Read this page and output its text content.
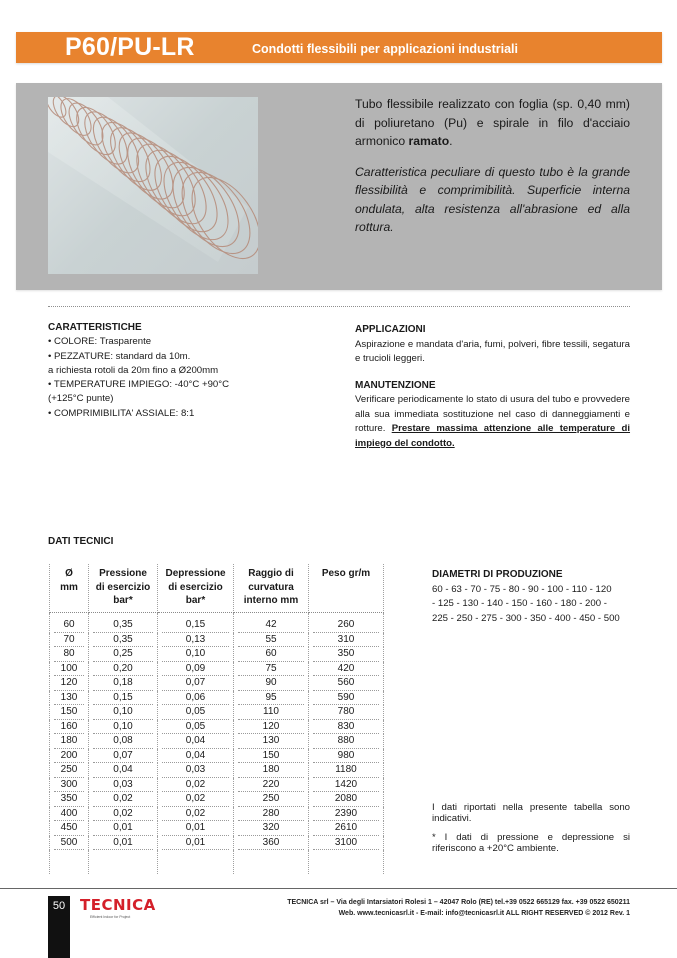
P60/PU-LR	Condotti flessibili per applicazioni industriali

Tubo flessibile realizzato con foglia (sp. 0,40 mm) di poliuretano (Pu) e spirale in filo d'acciaio armonico ramato.

Caratteristica peculiare di questo tubo è la grande flessibilità e comprimibilità. Superficie interna ondulata, alta resistenza all'abrasione ed alla rottura.

CARATTERISTICHE
• COLORE: Trasparente
• PEZZATURE: standard da 10m.
a richiesta rotoli da 20m fino a Ø200mm
• TEMPERATURE IMPIEGO: -40°C +90°C
(+125°C punte)
• COMPRIMIBILITA' ASSIALE: 8:1
APPLICAZIONI

Aspirazione e mandata d'aria, fumi, polveri, fibre tessili, segatura e trucioli leggeri.

MANUTENZIONE

Verificare periodicamente lo stato di usura del tubo e provvedere alla sua immediata sostituzione nel caso di danneggiamenti e rotture. Prestare massima attenzione alle temperature di impiego del condotto.

DATI TECNICI
Ø
mm	Pressione
di esercizio
bar*	Depressione
di esercizio
bar*	Raggio di
curvatura
interno mm	Peso gr/m

60	0,35	0,15	42	260

70	0,35	0,13	55	310

80	0,25	0,10	60	350

100	0,20	0,09	75	420

120	0,18	0,07	90	560

130	0,15	0,06	95	590

150	0,10	0,05	110	780

160	0,10	0,05	120	830

180	0,08	0,04	130	880

200	0,07	0,04	150	980

250	0,04	0,03	180	1180

300	0,03	0,02	220	1420

350	0,02	0,02	250	2080

400	0,02	0,02	280	2390

450	0,01	0,01	320	2610

500	0,01	0,01	360	3100

DIAMETRI DI PRODUZIONE
60 - 63 - 70 - 75 - 80 - 90 - 100 - 110 - 120
- 125 - 130 - 140 - 150 - 160 - 180 - 200 -
225 - 250 - 275 - 300 - 350 - 400 - 450 - 500

I dati riportati nella presente tabella sono indicativi.

* I dati di pressione e depressione si riferiscono a +20°C ambiente.

50 TECNICA
Efficient Indoor for Project
TECNICA srl – Via degli Intarsiatori Rolesi 1 – 42047 Rolo (RE) tel.+39 0522 665129 fax. +39 0522 650211
Web. www.tecnicasrl.it - E-mail: info@tecnicasrl.it ALL RIGHT RESERVED © 2012 Rev. 1
